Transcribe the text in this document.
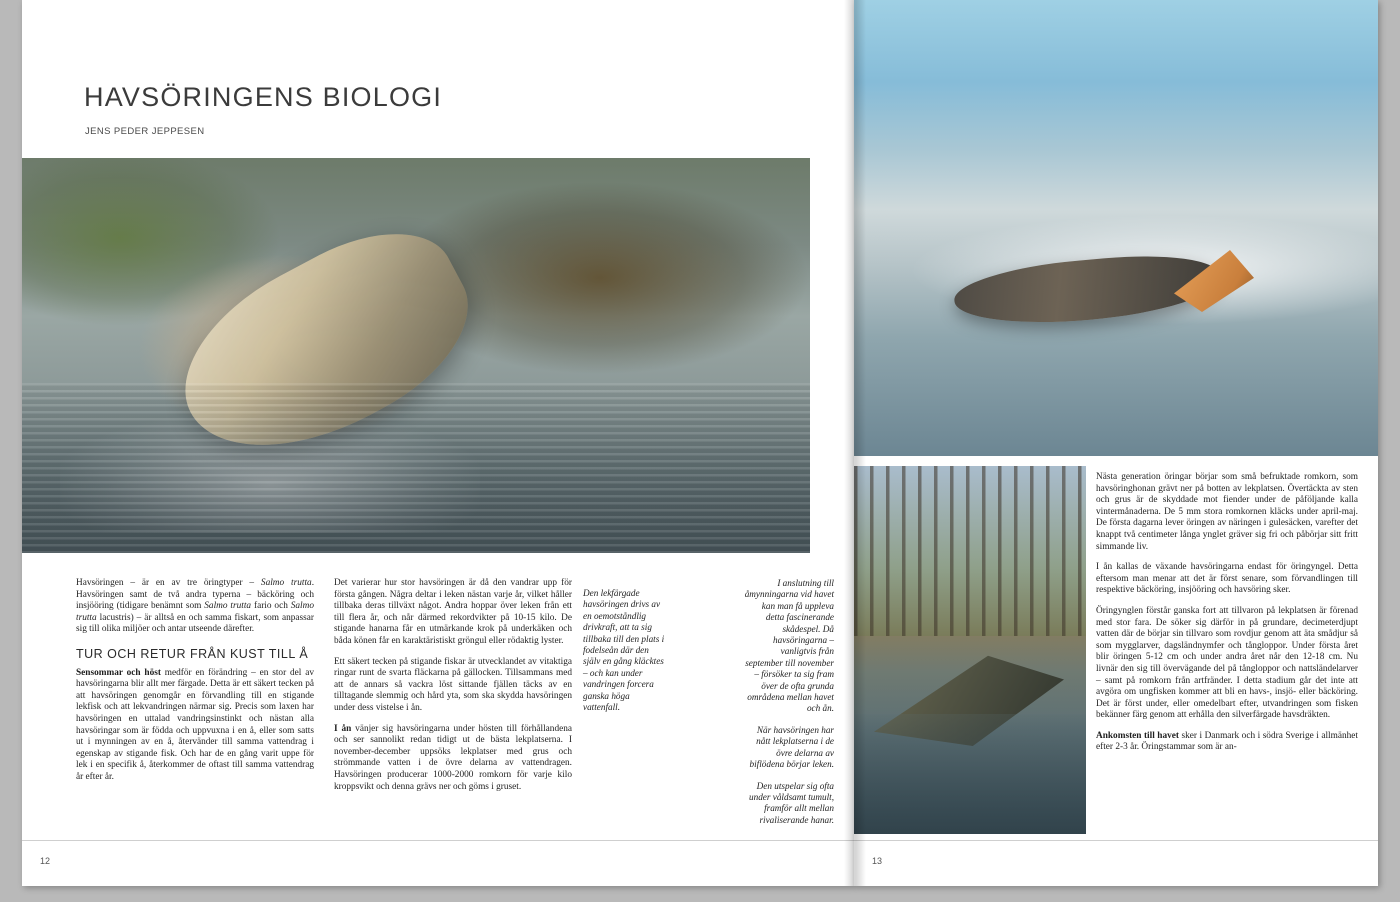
HAVSÖRINGENS BIOLOGI
JENS PEDER JEPPESEN

Havsöringen – är en av tre öringtyper – Salmo trutta. Havsöringen samt de två andra typerna – bäcköring och insjööring (tidigare benämnt som Salmo trutta fario och Salmo trutta lacustris) – är alltså en och samma fiskart, som anpassar sig till olika miljöer och antar utseende därefter.

TUR OCH RETUR FRÅN KUST TILL Å

Sensommar och höst medför en förändring – en stor del av havsöringarna blir allt mer färgade. Detta är ett säkert tecken på att havsöringen genomgår en förvandling till en stigande lekfisk och att lekvandringen närmar sig. Precis som laxen har havsöringen en uttalad vandringsinstinkt och nästan alla havsöringar som är födda och uppvuxna i en å, eller som satts ut i mynningen av en å, återvänder till samma vattendrag i egenskap av stigande fisk. Och har de en gång varit uppe för lek i en specifik å, återkommer de oftast till samma vattendrag år efter år.

Det varierar hur stor havsöringen är då den vandrar upp för första gången. Några deltar i leken nästan varje år, vilket håller tillbaka deras tillväxt något. Andra hoppar över leken från ett till flera år, och når därmed rekordvikter på 10-15 kilo. De stigande hanarna får en utmärkande krok på underkäken och båda könen får en karaktäristiskt gröngul eller rödaktig lyster.

Ett säkert tecken på stigande fiskar är utvecklandet av vitaktiga ringar runt de svarta fläckarna på gällocken. Tillsammans med att de annars så vackra löst sittande fjällen täcks av en tilltagande slemmig och hård yta, som ska skydda havsöringen under dess vistelse i ån.

I ån vänjer sig havsöringarna under hösten till förhållandena och ser sannolikt redan tidigt ut de bästa lekplatserna. I november-december uppsöks lekplatser med grus och strömmande vatten i de övre delarna av vattendragen. Havsöringen producerar 1000-2000 romkorn för varje kilo kroppsvikt och denna grävs ner och göms i gruset.

Den lekfärgade havsöringen drivs av en oemotståndlig drivkraft, att ta sig tillbaka till den plats i fodelseån där den själv en gång kläcktes – och kan under vandringen forcera ganska höga vattenfall.

I anslutning till åmynningarna vid havet kan man få uppleva detta fascinerande skådespel. Då havsöringarna – vanligtvis från september till november – försöker ta sig fram över de ofta grunda områdena mellan havet och ån.

När havsöringen har nått lekplatserna i de övre delarna av biflödena börjar leken.

Den utspelar sig ofta under våldsamt tumult, framför allt mellan rivaliserande hanar.

12

Nästa generation öringar börjar som små befruktade romkorn, som havsöringhonan grävt ner på botten av lekplatsen. Övertäckta av sten och grus är de skyddade mot fiender under de påföljande kalla vintermånaderna. De 5 mm stora romkornen kläcks under april-maj. De första dagarna lever öringen av näringen i gulesäcken, varefter det knappt två centimeter långa ynglet gräver sig fri och påbörjar sitt fritt simmande liv.

I ån kallas de växande havsöringarna endast för öringyngel. Detta eftersom man menar att det är först senare, som förvandlingen till respektive bäcköring, insjööring och havsöring sker.

Öringynglen förstår ganska fort att tillvaron på lekplatsen är förenad med stor fara. De söker sig därför in på grundare, decimeterdjupt vatten där de börjar sin tillvaro som rovdjur genom att äta smådjur så som mygglarver, dagsländnymfer och tångloppor. Under första året blir öringen 5-12 cm och under andra året når den 12-18 cm. Nu livnär den sig till övervägande del på tångloppor och nattsländelarver – samt på romkorn från artfränder. I detta stadium går det inte att avgöra om ungfisken kommer att bli en havs-, insjö- eller bäcköring. Det är först under, eller omedelbart efter, utvandringen som fisken bekänner färg genom att erhålla den silverfärgade havsdräkten.

Ankomsten till havet sker i Danmark och i södra Sverige i allmänhet efter 2-3 år. Öringstammar som är an-

13
